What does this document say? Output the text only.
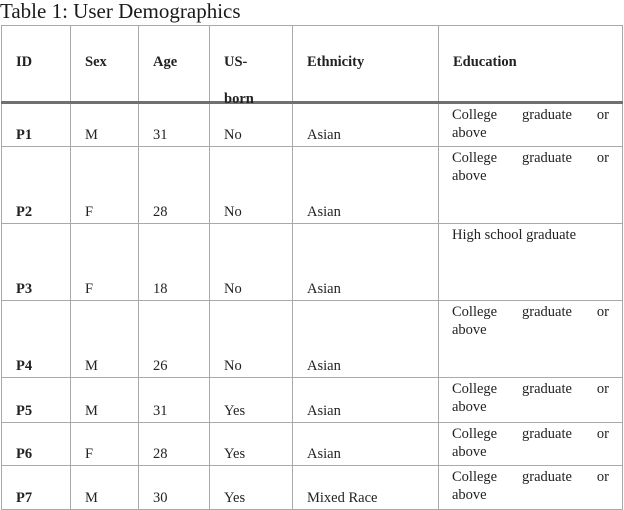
Table 1: User Demographics
ID	Sex	Age	US-
born	Ethnicity	Education

P1	M	31	No	Asian	College graduate or
above

P2	F	28	No	Asian	College graduate or
above

P3	F	18	No	Asian	High school graduate

P4	M	26	No	Asian	College graduate or
above

P5	M	31	Yes	Asian	College graduate or
above

P6	F	28	Yes	Asian	College graduate or
above

P7	M	30	Yes	Mixed Race	College graduate or
above
